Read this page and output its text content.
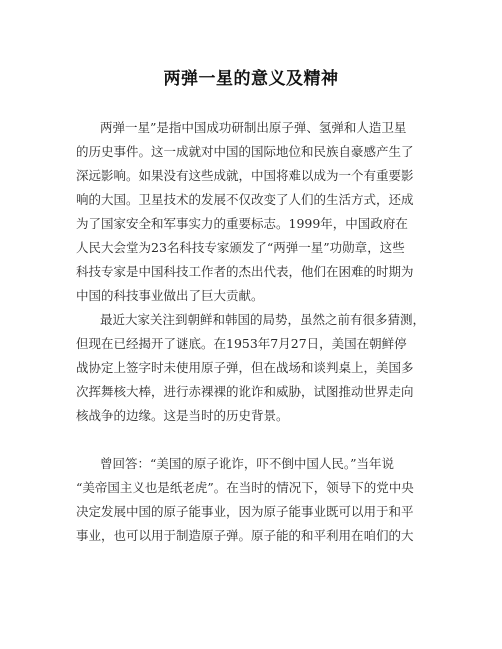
两弹一星的意义及精神
两弹一星”是指中国成功研制出原子弹、氢弹和人造卫星
的历史事件。这一成就对中国的国际地位和民族自豪感产生了
深远影响。如果没有这些成就，中国将难以成为一个有重要影
响的大国。卫星技术的发展不仅改变了人们的生活方式，还成
为了国家安全和军事实力的重要标志。1999年，中国政府在
人民大会堂为23名科技专家颁发了“两弹一星”功勋章，这些
科技专家是中国科技工作者的杰出代表，他们在困难的时期为
中国的科技事业做出了巨大贡献。
最近大家关注到朝鲜和韩国的局势，虽然之前有很多猜测，
但现在已经揭开了谜底。在1953年7月27日，美国在朝鲜停
战协定上签字时未使用原子弹，但在战场和谈判桌上，美国多
次挥舞核大棒，进行赤裸裸的讹诈和威胁，试图推动世界走向
核战争的边缘。这是当时的历史背景。
曾回答：“美国的原子讹诈，吓不倒中国人民。”当年说
“美帝国主义也是纸老虎”。在当时的情况下，领导下的党中央
决定发展中国的原子能事业，因为原子能事业既可以用于和平
事业，也可以用于制造原子弹。原子能的和平利用在咱们的大
